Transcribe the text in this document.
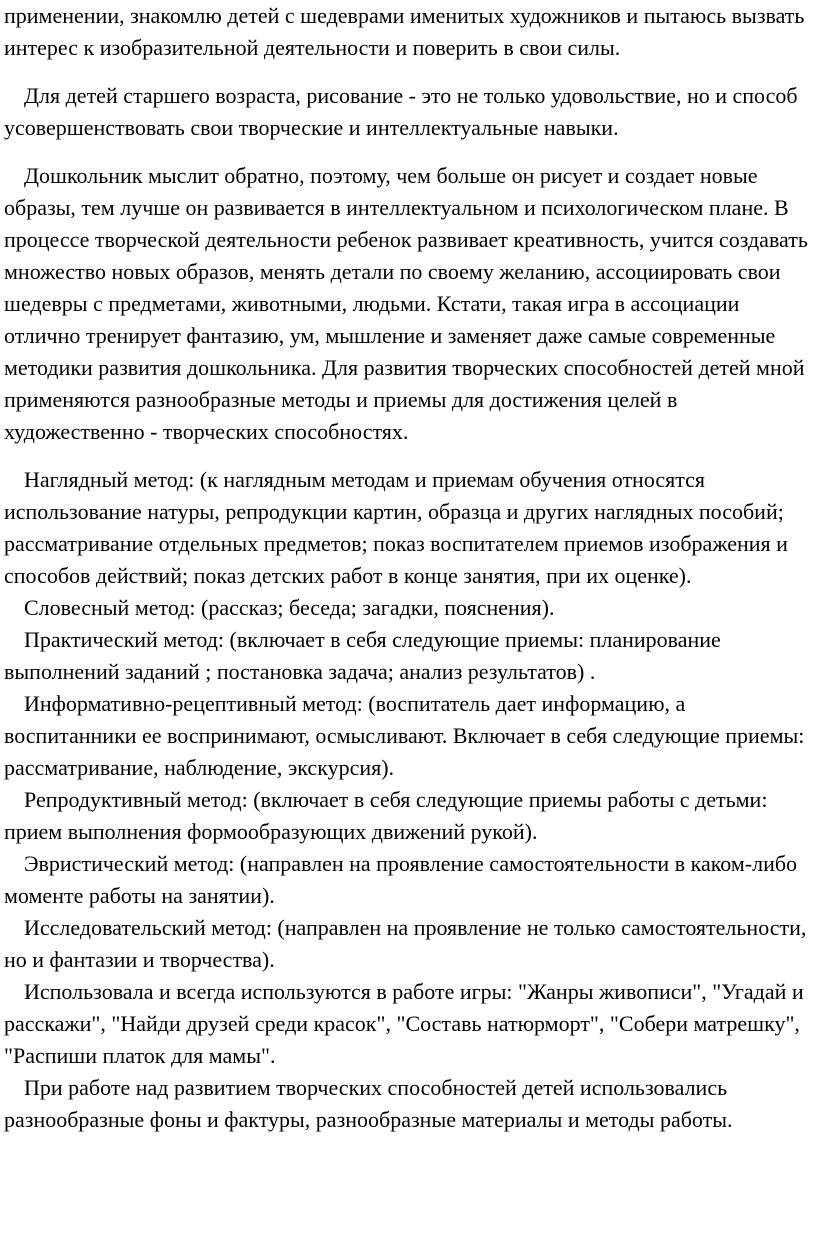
применении, знакомлю детей с шедеврами именитых художников и пытаюсь вызвать интерес к изобразительной деятельности и поверить в свои силы.

Для детей старшего возраста, рисование - это не только удовольствие, но и способ усовершенствовать свои творческие и интеллектуальные навыки.

Дошкольник мыслит обратно, поэтому, чем больше он рисует и создает новые образы, тем лучше он развивается в интеллектуальном и психологическом плане. В процессе творческой деятельности ребенок развивает креативность, учится создавать множество новых образов, менять детали по своему желанию, ассоциировать свои шедевры с предметами, животными, людьми. Кстати, такая игра в ассоциации отлично тренирует фантазию, ум, мышление и заменяет даже самые современные методики развития дошкольника. Для развития творческих способностей детей мной применяются разнообразные методы и приемы для достижения целей в художественно - творческих способностях.

Наглядный метод: (к наглядным методам и приемам обучения относятся использование натуры, репродукции картин, образца и других наглядных пособий; рассматривание отдельных предметов; показ воспитателем приемов изображения и способов действий; показ детских работ в конце занятия, при их оценке).

Словесный метод: (рассказ; беседа; загадки, пояснения).

Практический метод: (включает в себя следующие приемы: планирование выполнений заданий ; постановка задача; анализ результатов) .

Информативно-рецептивный метод: (воспитатель дает информацию, а воспитанники ее воспринимают, осмысливают. Включает в себя следующие приемы: рассматривание, наблюдение, экскурсия).

Репродуктивный метод: (включает в себя следующие приемы работы с детьми: прием выполнения формообразующих движений рукой).

Эвристический метод: (направлен на проявление самостоятельности в каком-либо моменте работы на занятии).

Исследовательский метод: (направлен на проявление не только самостоятельности, но и фантазии и творчества).

Использовала и всегда используются в работе игры: "Жанры живописи", "Угадай и расскажи", "Найди друзей среди красок", "Составь натюрморт", "Собери матрешку", "Распиши платок для мамы".

При работе над развитием творческих способностей детей использовались разнообразные фоны и фактуры, разнообразные материалы и методы работы.
